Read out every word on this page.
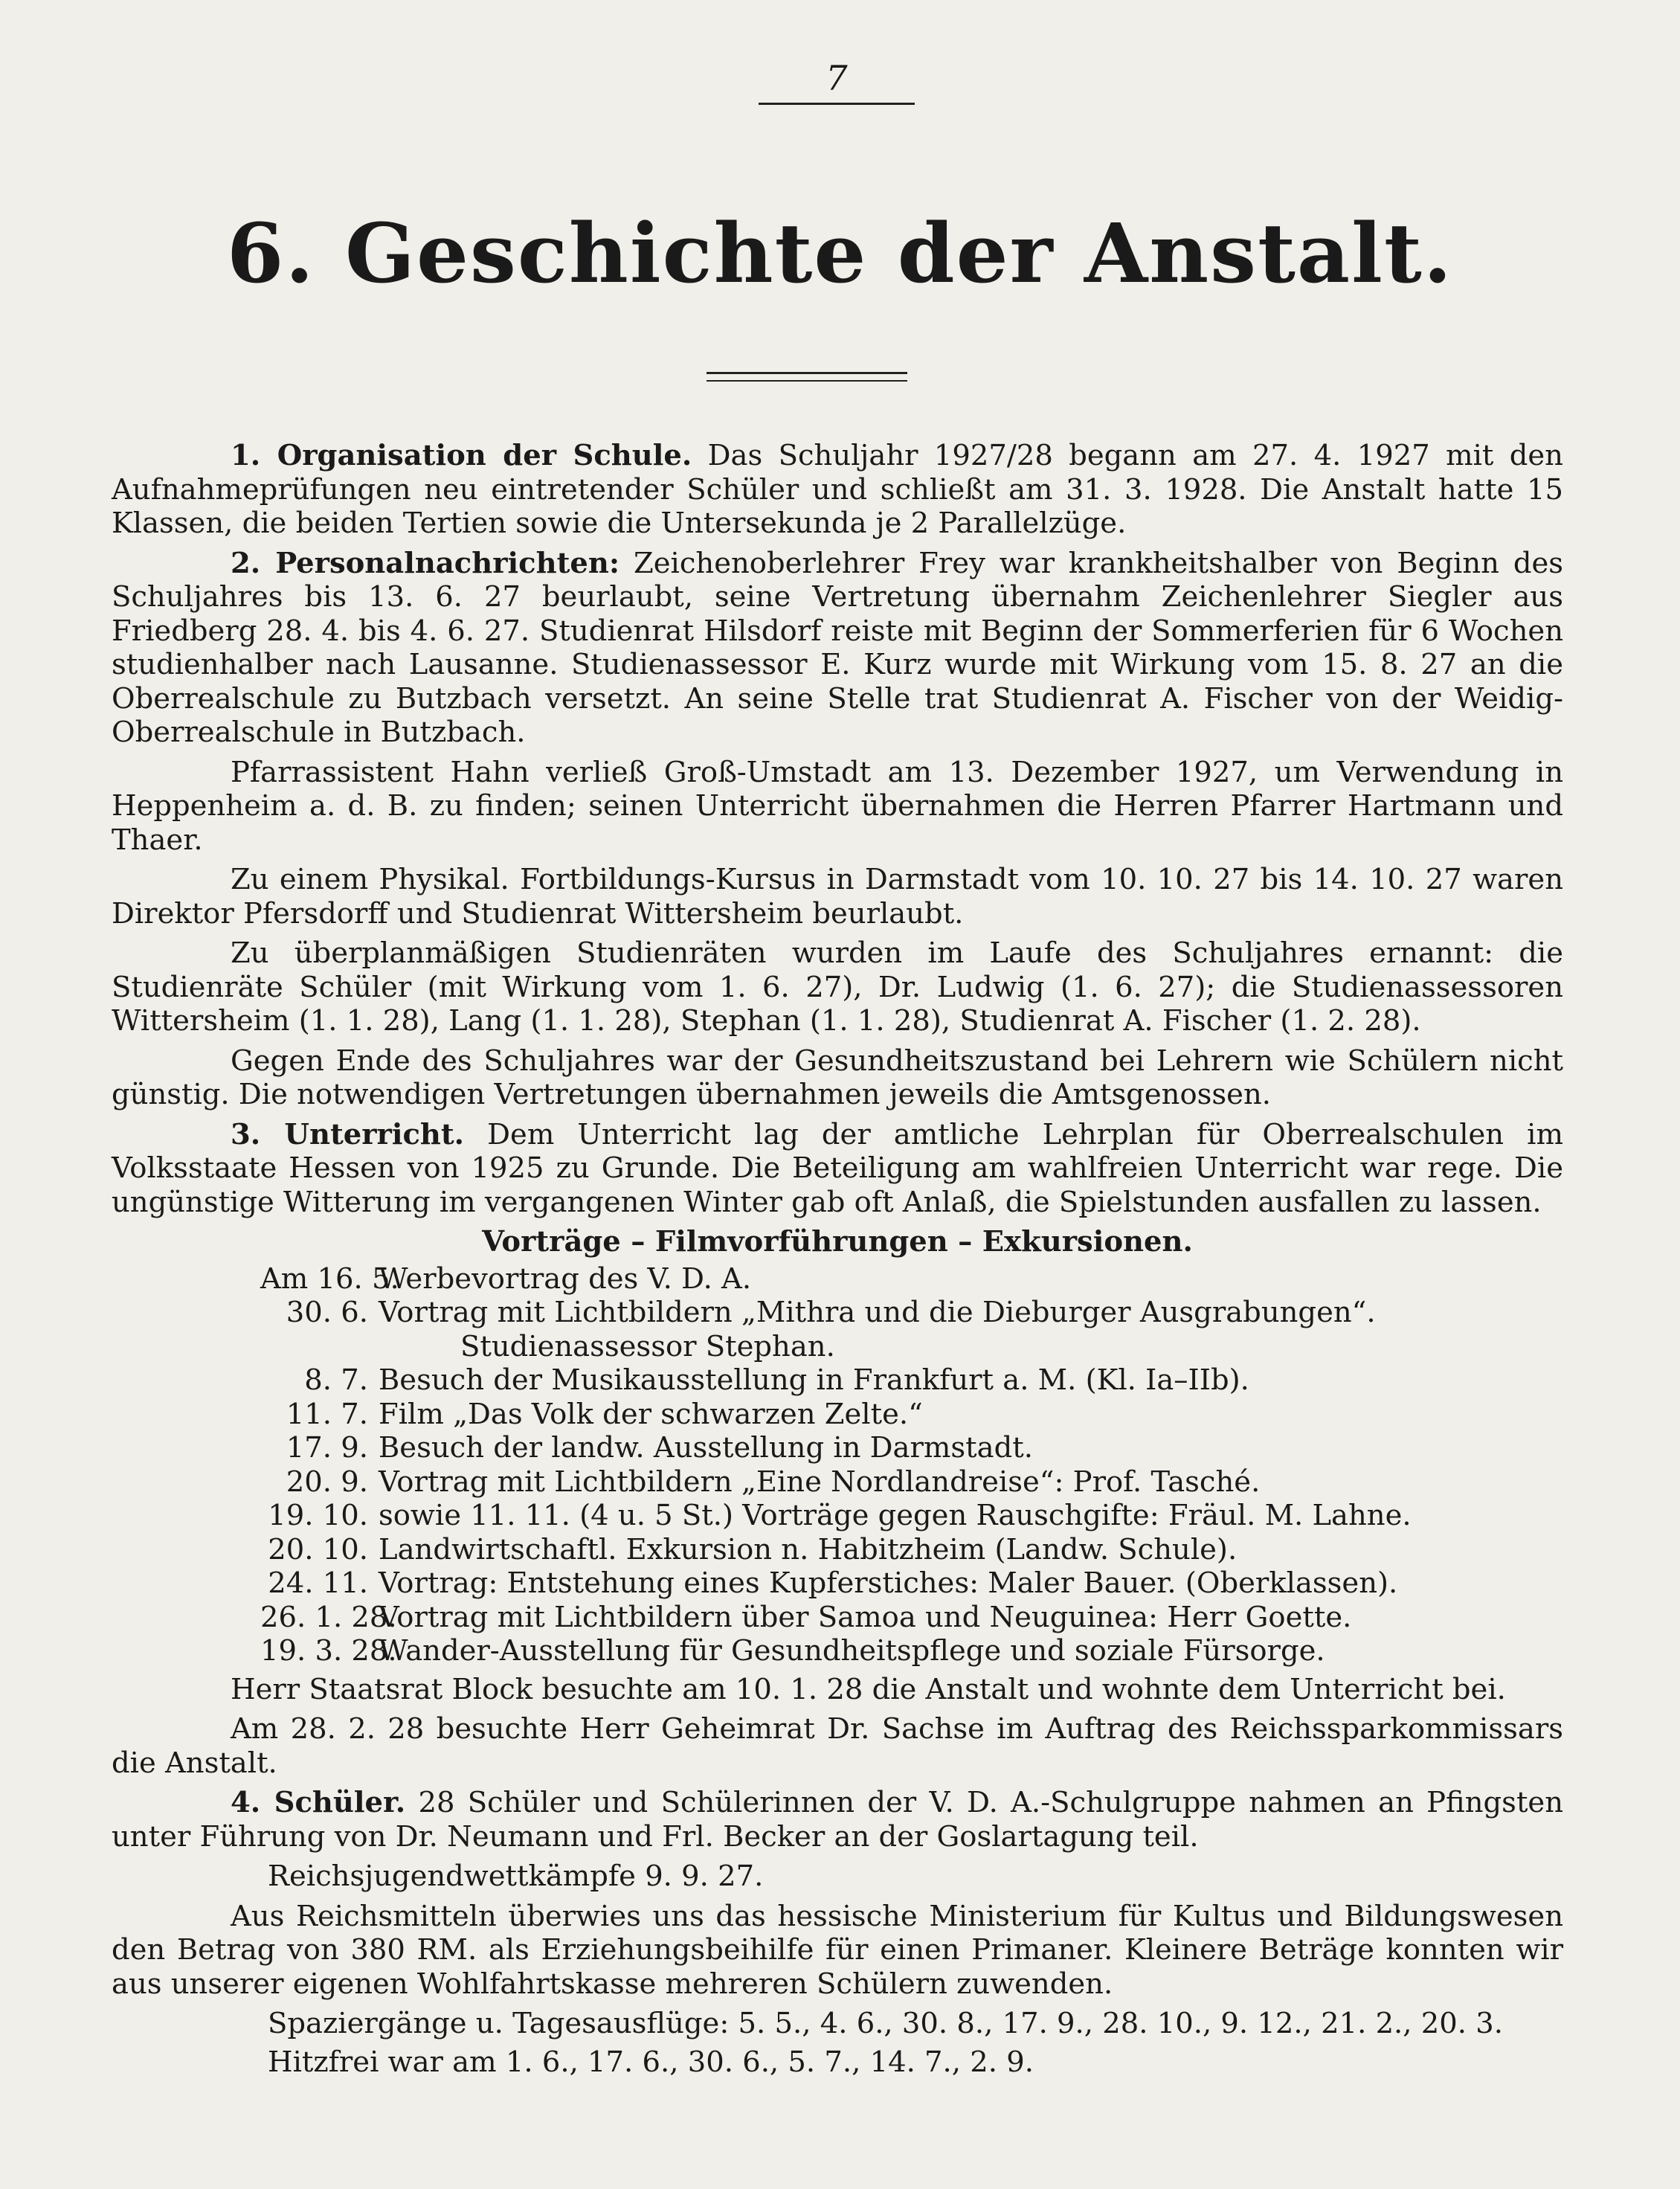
7
6. Geschichte der Anstalt.

1. Organisation der Schule. Das Schuljahr 1927/28 begann am 27. 4. 1927 mit den Aufnahmeprüfungen neu eintretender Schüler und schließt am 31. 3. 1928. Die Anstalt hatte 15 Klassen, die beiden Tertien sowie die Untersekunda je 2 Parallelzüge.

2. Personalnachrichten: Zeichenoberlehrer Frey war krankheitshalber von Beginn des Schuljahres bis 13. 6. 27 beurlaubt, seine Vertretung übernahm Zeichenlehrer Siegler aus Friedberg 28. 4. bis 4. 6. 27. Studienrat Hilsdorf reiste mit Beginn der Sommerferien für 6 Wochen studienhalber nach Lausanne. Studienassessor E. Kurz wurde mit Wirkung vom 15. 8. 27 an die Oberrealschule zu Butzbach versetzt. An seine Stelle trat Studienrat A. Fischer von der Weidig-Oberrealschule in Butzbach.

Pfarrassistent Hahn verließ Groß-Umstadt am 13. Dezember 1927, um Verwendung in Heppenheim a. d. B. zu finden; seinen Unterricht übernahmen die Herren Pfarrer Hartmann und Thaer.

Zu einem Physikal. Fortbildungs-Kursus in Darmstadt vom 10. 10. 27 bis 14. 10. 27 waren Direktor Pfersdorff und Studienrat Wittersheim beurlaubt.

Zu überplanmäßigen Studienräten wurden im Laufe des Schuljahres ernannt: die Studienräte Schüler (mit Wirkung vom 1. 6. 27), Dr. Ludwig (1. 6. 27); die Studienassessoren Wittersheim (1. 1. 28), Lang (1. 1. 28), Stephan (1. 1. 28), Studienrat A. Fischer (1. 2. 28).

Gegen Ende des Schuljahres war der Gesundheitszustand bei Lehrern wie Schülern nicht günstig. Die notwendigen Vertretungen übernahmen jeweils die Amtsgenossen.

3. Unterricht. Dem Unterricht lag der amtliche Lehrplan für Oberrealschulen im Volksstaate Hessen von 1925 zu Grunde. Die Beteiligung am wahlfreien Unterricht war rege. Die ungünstige Witterung im vergangenen Winter gab oft Anlaß, die Spielstunden ausfallen zu lassen.

Vorträge – Filmvorführungen – Exkursionen.
Am 16. 5.
Werbevortrag des V. D. A.
30. 6. Vortrag mit Lichtbildern „Mithra und die Dieburger Ausgrabungen“.
Studienassessor Stephan.
8. 7. Besuch der Musikausstellung in Frankfurt a. M. (Kl. Ia–IIb).
11. 7. Film „Das Volk der schwarzen Zelte.“
17. 9. Besuch der landw. Ausstellung in Darmstadt.
20. 9. Vortrag mit Lichtbildern „Eine Nordlandreise“: Prof. Tasché.
19. 10. sowie 11. 11. (4 u. 5 St.) Vorträge gegen Rauschgifte: Fräul. M. Lahne.
20. 10. Landwirtschaftl. Exkursion n. Habitzheim (Landw. Schule).
24. 11. Vortrag: Entstehung eines Kupferstiches: Maler Bauer. (Oberklassen).
26. 1. 28.
Vortrag mit Lichtbildern über Samoa und Neuguinea: Herr Goette.
19. 3. 28.
Wander-Ausstellung für Gesundheitspflege und soziale Fürsorge.

Herr Staatsrat Block besuchte am 10. 1. 28 die Anstalt und wohnte dem Unterricht bei.

Am 28. 2. 28 besuchte Herr Geheimrat Dr. Sachse im Auftrag des Reichssparkommissars die Anstalt.

4. Schüler. 28 Schüler und Schülerinnen der V. D. A.-Schulgruppe nahmen an Pfingsten unter Führung von Dr. Neumann und Frl. Becker an der Goslartagung teil.

Reichsjugendwettkämpfe 9. 9. 27.

Aus Reichsmitteln überwies uns das hessische Ministerium für Kultus und Bildungswesen den Betrag von 380 RM. als Erziehungsbeihilfe für einen Primaner. Kleinere Beträge konnten wir aus unserer eigenen Wohlfahrtskasse mehreren Schülern zuwenden.

Spaziergänge u. Tagesausflüge: 5. 5., 4. 6., 30. 8., 17. 9., 28. 10., 9. 12., 21. 2., 20. 3.

Hitzfrei war am 1. 6., 17. 6., 30. 6., 5. 7., 14. 7., 2. 9.
